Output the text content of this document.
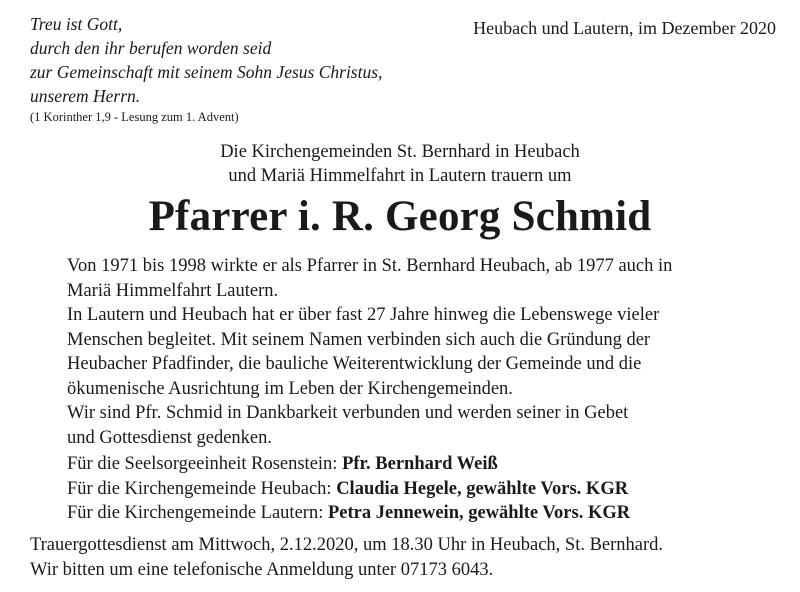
Treu ist Gott,
durch den ihr berufen worden seid
zur Gemeinschaft mit seinem Sohn Jesus Christus,
unserem Herrn.
(1 Korinther 1,9 - Lesung zum 1. Advent)
Heubach und Lautern, im Dezember 2020
Die Kirchengemeinden St. Bernhard in Heubach
und Mariä Himmelfahrt in Lautern trauern um
Pfarrer i. R. Georg Schmid
Von 1971 bis 1998 wirkte er als Pfarrer in St. Bernhard Heubach, ab 1977 auch in
Mariä Himmelfahrt Lautern.
In Lautern und Heubach hat er über fast 27 Jahre hinweg die Lebenswege vieler
Menschen begleitet. Mit seinem Namen verbinden sich auch die Gründung der
Heubacher Pfadfinder, die bauliche Weiterentwicklung der Gemeinde und die
ökumenische Ausrichtung im Leben der Kirchengemeinden.
Wir sind Pfr. Schmid in Dankbarkeit verbunden und werden seiner in Gebet
und Gottesdienst gedenken.
Für die Seelsorgeeinheit Rosenstein: Pfr. Bernhard Weiß
Für die Kirchengemeinde Heubach: Claudia Hegele, gewählte Vors. KGR
Für die Kirchengemeinde Lautern: Petra Jennewein, gewählte Vors. KGR
Trauergottesdienst am Mittwoch, 2.12.2020, um 18.30 Uhr in Heubach, St. Bernhard.
Wir bitten um eine telefonische Anmeldung unter 07173 6043.
